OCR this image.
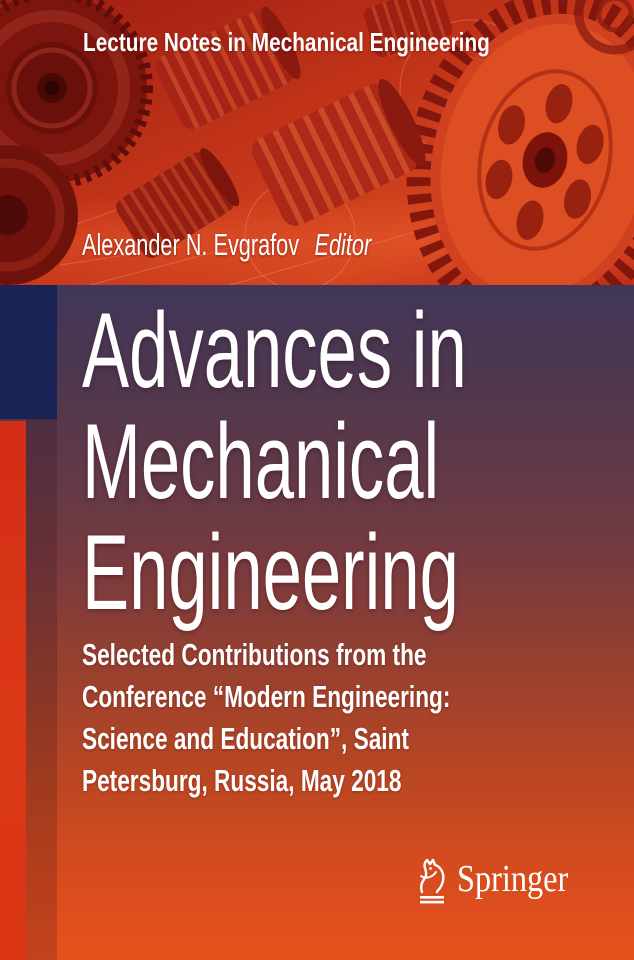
Lecture Notes in Mechanical Engineering
Alexander N. Evgrafov Editor
Advances in
Mechanical
Engineering
Selected Contributions from the
Conference “Modern Engineering:
Science and Education”, Saint
Petersburg, Russia, May 2018
Springer
